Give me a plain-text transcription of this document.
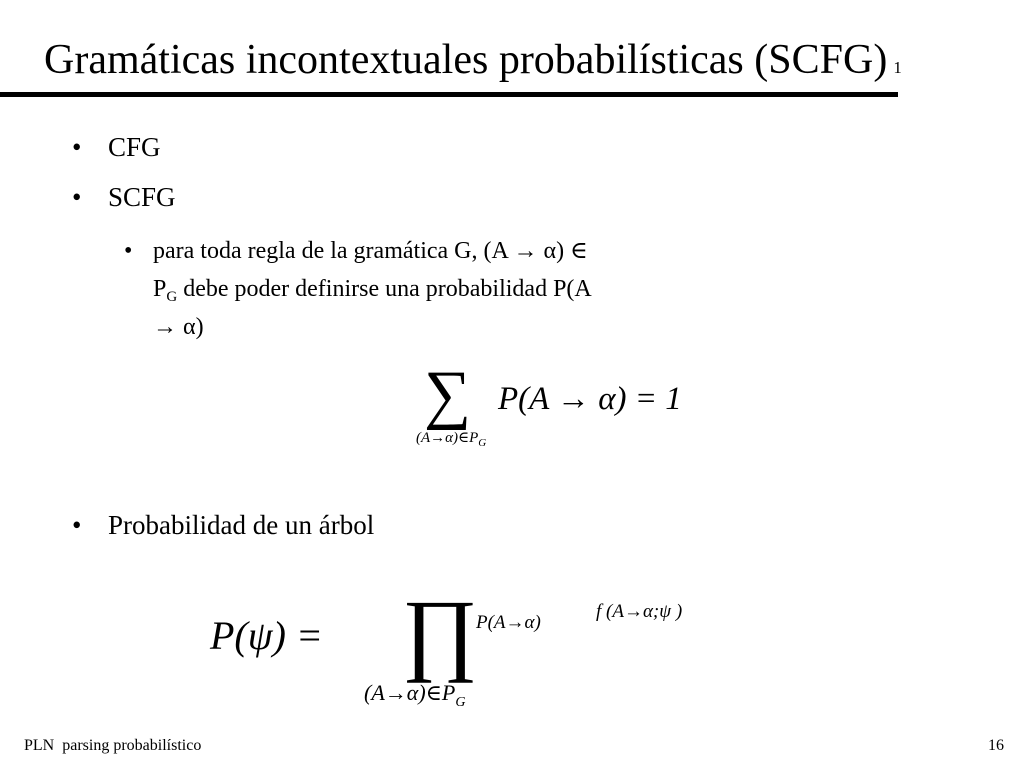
Gramáticas incontextuales probabilísticas (SCFG) 1
• CFG
• SCFG
• para toda regla de la gramática G, (A → α) ∈
$P_G$ debe poder definirse una probabilidad P(A
→ α)
∑ P(A → α) = 1
$(A\to\alpha)\in P_G$
• Probabilidad de un árbol
P(ψ) = ∏
$(A\to\alpha)\in P_G$
P(A→α)
f (A→α;ψ )
PLN  parsing probabilístico	16
